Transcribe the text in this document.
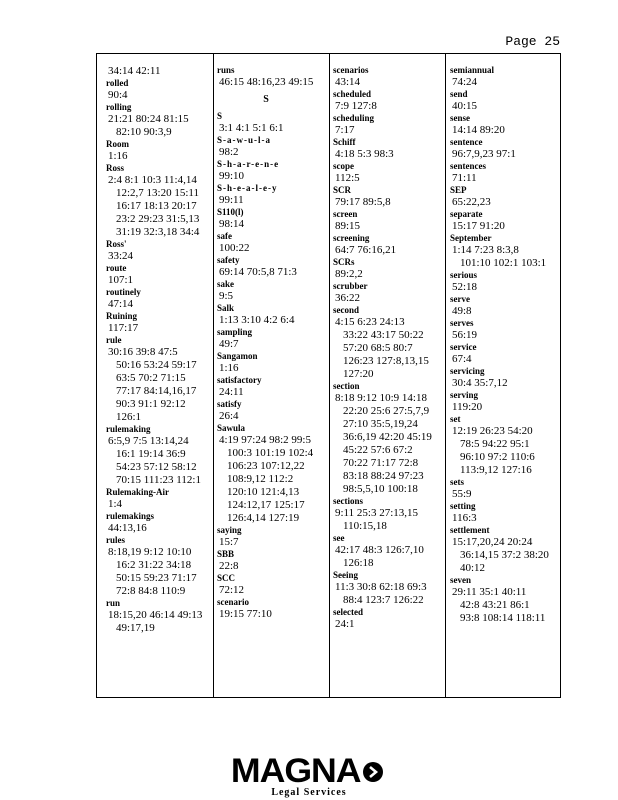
Page 25
34:14 42:11
rolled
90:4
rolling
21:21 80:24 81:15
82:10 90:3,9
Room
1:16
Ross
2:4 8:1 10:3 11:4,14
12:2,7 13:20 15:11
16:17 18:13 20:17
23:2 29:23 31:5,13
31:19 32:3,18 34:4
Ross'
33:24
route
107:1
routinely
47:14
Ruining
117:17
rule
30:16 39:8 47:5
50:16 53:24 59:17
63:5 70:2 71:15
77:17 84:14,16,17
90:3 91:1 92:12
126:1
rulemaking
6:5,9 7:5 13:14,24
16:1 19:14 36:9
54:23 57:12 58:12
70:15 111:23 112:1
Rulemaking-Air
1:4
rulemakings
44:13,16
rules
8:18,19 9:12 10:10
16:2 31:22 34:18
50:15 59:23 71:17
72:8 84:8 110:9
run
18:15,20 46:14 49:13
49:17,19
runs
46:15 48:16,23 49:15
S
S
3:1 4:1 5:1 6:1
S-a-w-u-l-a
98:2
S-h-a-r-e-n-e
99:10
S-h-e-a-l-e-y
99:11
S110(l)
98:14
safe
100:22
safety
69:14 70:5,8 71:3
sake
9:5
Salk
1:13 3:10 4:2 6:4
sampling
49:7
Sangamon
1:16
satisfactory
24:11
satisfy
26:4
Sawula
4:19 97:24 98:2 99:5
100:3 101:19 102:4
106:23 107:12,22
108:9,12 112:2
120:10 121:4,13
124:12,17 125:17
126:4,14 127:19
saying
15:7
SBB
22:8
SCC
72:12
scenario
19:15 77:10
scenarios
43:14
scheduled
7:9 127:8
scheduling
7:17
Schiff
4:18 5:3 98:3
scope
112:5
SCR
79:17 89:5,8
screen
89:15
screening
64:7 76:16,21
SCRs
89:2,2
scrubber
36:22
second
4:15 6:23 24:13
33:22 43:17 50:22
57:20 68:5 80:7
126:23 127:8,13,15
127:20
section
8:18 9:12 10:9 14:18
22:20 25:6 27:5,7,9
27:10 35:5,19,24
36:6,19 42:20 45:19
45:22 57:6 67:2
70:22 71:17 72:8
83:18 88:24 97:23
98:5,5,10 100:18
sections
9:11 25:3 27:13,15
110:15,18
see
42:17 48:3 126:7,10
126:18
Seeing
11:3 30:8 62:18 69:3
88:4 123:7 126:22
selected
24:1
semiannual
74:24
send
40:15
sense
14:14 89:20
sentence
96:7,9,23 97:1
sentences
71:11
SEP
65:22,23
separate
15:17 91:20
September
1:14 7:23 8:3,8
101:10 102:1 103:1
serious
52:18
serve
49:8
serves
56:19
service
67:4
servicing
30:4 35:7,12
serving
119:20
set
12:19 26:23 54:20
78:5 94:22 95:1
96:10 97:2 110:6
113:9,12 127:16
sets
55:9
setting
116:3
settlement
15:17,20,24 20:24
36:14,15 37:2 38:20
40:12
seven
29:11 35:1 40:11
42:8 43:21 86:1
93:8 108:14 118:11
MAGNA
Legal Services
